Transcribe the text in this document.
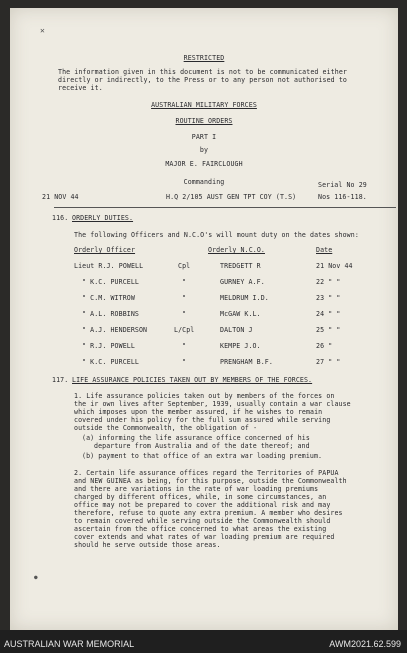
✕
●
RESTRICTED
The information given in this document is not to be communicated either
directly or indirectly, to the Press or to any person not authorised to
receive it.
AUSTRALIAN MILITARY FORCES
ROUTINE ORDERS
PART I
by
MAJOR E. FAIRCLOUGH
Commanding	Serial No 29
21 NOV 44	H.Q 2/105 AUST GEN TPT COY (T.S)	Nos 116-118.
116. ORDERLY DUTIES.
The following Officers and N.C.O's will mount duty on the dates shown:
Orderly Officer	Orderly N.C.O.	Date
Lieut R.J. POWELL	Cpl	TREDGETT R	21 Nov 44
" K.C. PURCELL	"	GURNEY A.F.	22 " "
" C.M. WITROW	"	MELDRUM I.D.	23 " "
" A.L. ROBBINS	"	McGAW K.L.	24 " "
" A.J. HENDERSON	L/Cpl	DALTON J	25 " "
" R.J. POWELL	"	KEMPE J.O.	26 "
" K.C. PURCELL	"	PRENGHAM B.F.	27 " "
117. LIFE ASSURANCE POLICIES TAKEN OUT BY MEMBERS OF THE FORCES.
1. Life assurance policies taken out by members of the forces on
the ir own lives after September, 1939, usually contain a war clause
which imposes upon the member assured, if he wishes to remain
covered under his policy for the full sum assured while serving
outside the Commonwealth, the obligation of -
(a) informing the life assurance office concerned of his
departure from Australia and of the date thereof; and
(b) payment to that office of an extra war loading premium.
2. Certain life assurance offices regard the Territories of PAPUA
and NEW GUINEA as being, for this purpose, outside the Commonwealth
and there are variations in the rate of war loading premiums
charged by different offices, while, in some circumstances, an
office may not be prepared to cover the additional risk and may
therefore, refuse to quote any extra premium. A member who desires
to remain covered while serving outside the Commonwealth should
ascertain from the office concerned to what areas the existing
cover extends and what rates of war loading premium are required
should he serve outside those areas.
AUSTRALIAN WAR MEMORIAL	AWM2021.62.599
